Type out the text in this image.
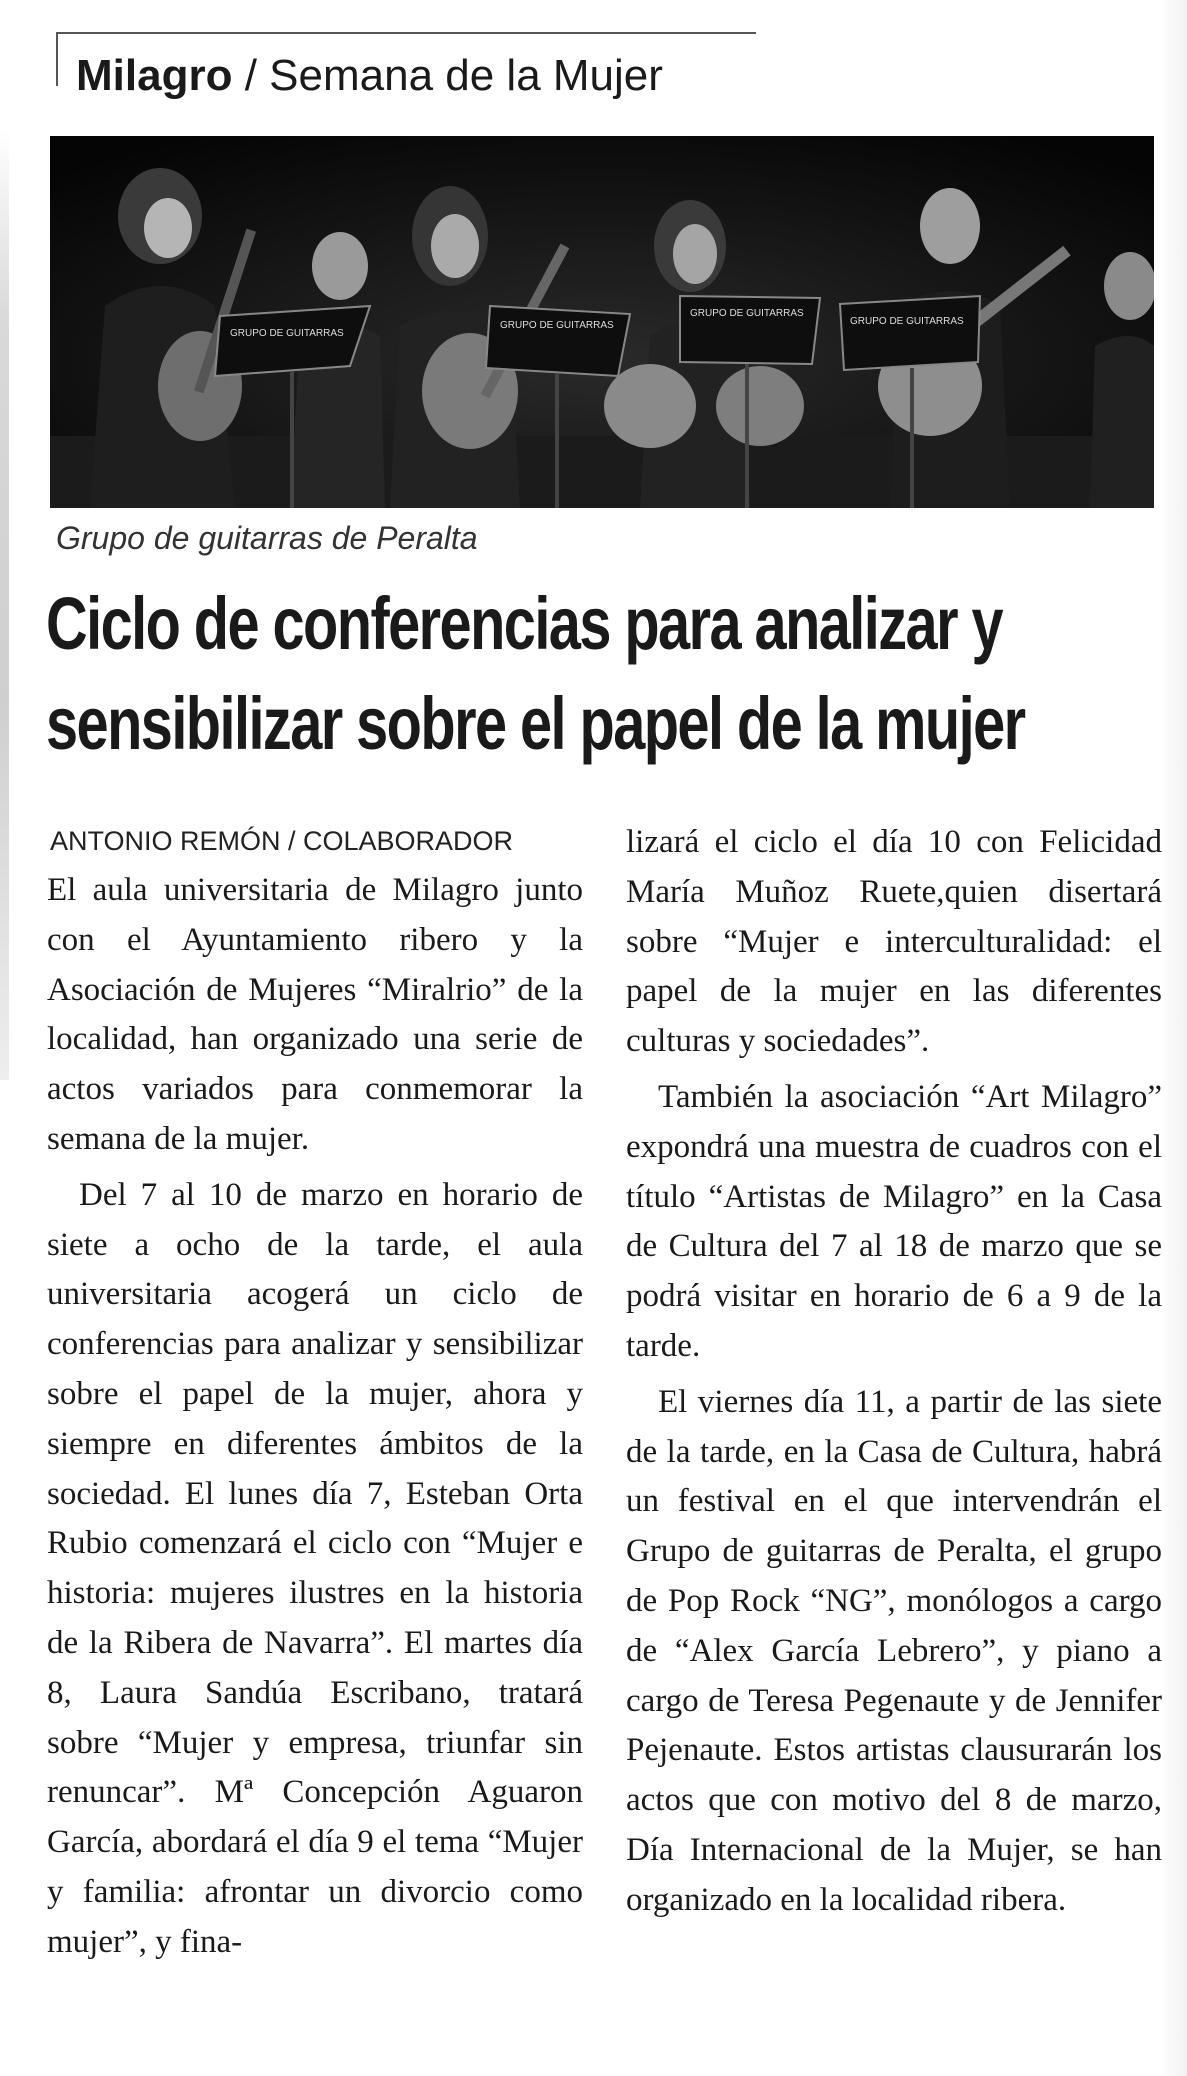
Milagro / Semana de la Mujer
GRUPO DE GUITARRAS
GRUPO DE GUITARRAS
GRUPO DE GUITARRAS
GRUPO DE GUITARRAS
Grupo de guitarras de Peralta
Ciclo de conferencias para analizar y
sensibilizar sobre el papel de la mujer
ANTONIO REMÓN / COLABORADOR

El aula universitaria de Milagro junto con el Ayuntamiento ribero y la Asociación de Mujeres “Miralrio” de la localidad, han organizado una serie de actos variados para conmemorar la semana de la mujer.

Del 7 al 10 de marzo en horario de siete a ocho de la tarde, el aula universitaria acogerá un ciclo de conferencias para analizar y sensibilizar sobre el papel de la mujer, ahora y siempre en diferentes ámbitos de la sociedad. El lunes día 7, Esteban Orta Rubio comenzará el ciclo con “Mujer e historia: mujeres ilustres en la historia de la Ribera de Navarra”. El martes día 8, Laura Sandúa Escribano, tratará sobre “Mujer y empresa, triunfar sin renuncar”. Mª Concepción Aguaron García, abordará el día 9 el tema “Mujer y familia: afrontar un divorcio como mujer”, y fina-

lizará el ciclo el día 10 con Felicidad María Muñoz Ruete,quien disertará sobre “Mujer e interculturalidad: el papel de la mujer en las diferentes culturas y sociedades”.

También la asociación “Art Milagro” expondrá una muestra de cuadros con el título “Artistas de Milagro” en la Casa de Cultura del 7 al 18 de marzo que se podrá visitar en horario de 6 a 9 de la tarde.

El viernes día 11, a partir de las siete de la tarde, en la Casa de Cultura, habrá un festival en el que intervendrán el Grupo de guitarras de Peralta, el grupo de Pop Rock “NG”, monólogos a cargo de “Alex García Lebrero”, y piano a cargo de Teresa Pegenaute y de Jennifer Pejenaute. Estos artistas clausurarán los actos que con motivo del 8 de marzo, Día Internacional de la Mujer, se han organizado en la localidad ribera.
